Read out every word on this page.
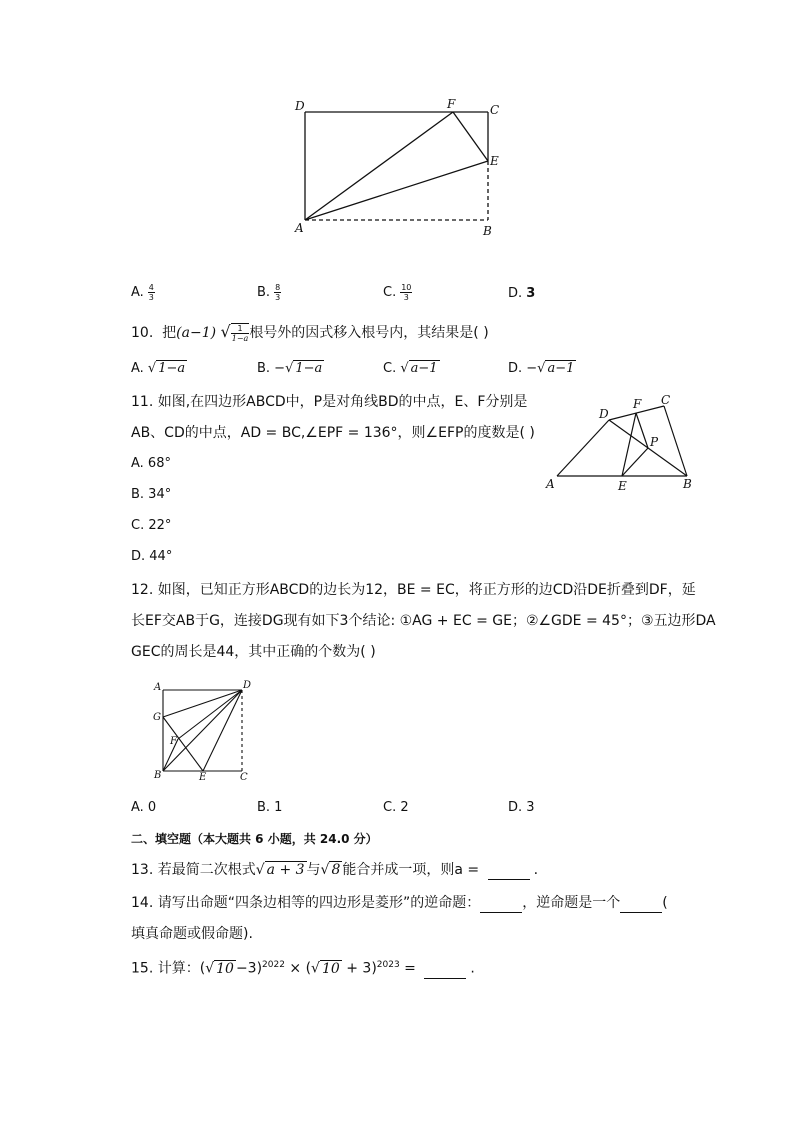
D	F	C
E
A	B
A. $\frac{4}{3}$	B. $\frac{8}{3}$	C. $\frac{10}{3}$	D. 3
10. 把(a−1) √ $\frac{1}{1-a}$ 根号外的因式移入根号内，其结果是( )
A. √ 1−a	B. −√ 1−a	C. √ a−1	D. −√ a−1
11. 如图,在四边形ABCD中，P是对角线BD的中点，E、F分别是
AB、CD的中点，AD = BC,∠EPF = 136°，则∠EFP的度数是( )
A. 68°
B. 34°
C. 22°
D. 44°
D
F C
P
A	E	B
12. 如图，已知正方形ABCD的边长为12，BE = EC，将正方形的边CD沿DE折叠到DF，延
长EF交AB于G，连接DG现有如下3个结论: ①AG + EC = GE；②∠GDE = 45°；③五边形DA
GEC的周长是44，其中正确的个数为( )
A	D
G
F
B	E	C
A. 0	B. 1	C. 2	D. 3
二、填空题（本大题共 6 小题，共 24.0 分）
13. 若最简二次根式√ a + 3 与√ 8 能合并成一项，则a =	.
14. 请写出命题“四条边相等的四边形是菱形”的逆命题：	，逆命题是一个	(
填真命题或假命题).
15. 计算：(√ 10 −3)$^{2022}$ × (√ 10 + 3)$^{2023}$ =	.
